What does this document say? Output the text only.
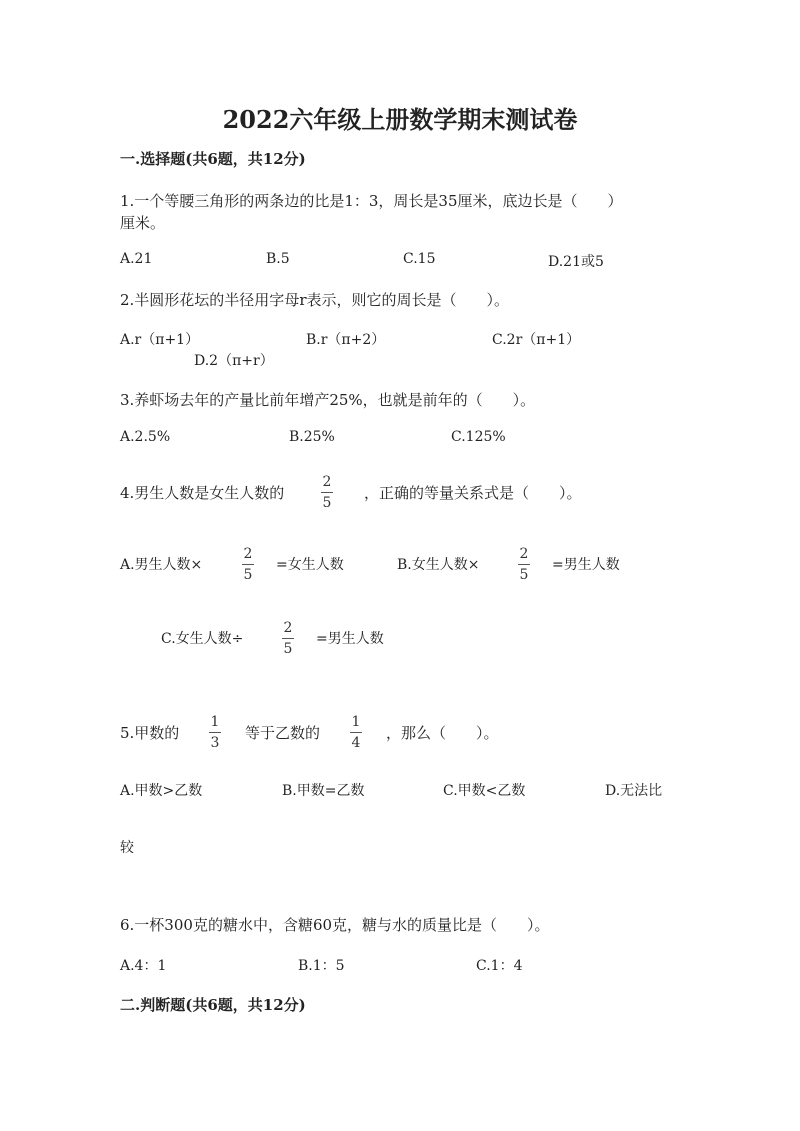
2022六年级上册数学期末测试卷
一.选择题(共6题，共12分)
1.一个等腰三角形的两条边的比是1：3，周长是35厘米，底边长是（　　）
厘米。
A.21	B.5	C.15	D.21或5
2.半圆形花坛的半径用字母r表示，则它的周长是（　　）。
A.r（π+1）	B.r（π+2）	C.2r（π+1）
D.2（π+r）
3.养虾场去年的产量比前年增产25%，也就是前年的（　　）。
A.2.5%	B.25%	C.125%
4.男生人数是女生人数的
2
5
，正确的等量关系式是（　　）。
A.男生人数×
2
5
=女生人数	B.女生人数×
2
5
=男生人数
C.女生人数÷
2
5
=男生人数
5.甲数的
1
3
等于乙数的
1
4
，那么（　　）。
A.甲数>乙数	B.甲数=乙数	C.甲数<乙数	D.无法比
较
6.一杯300克的糖水中，含糖60克，糖与水的质量比是（　　）。
A.4：1	B.1：5	C.1：4
二.判断题(共6题，共12分)
